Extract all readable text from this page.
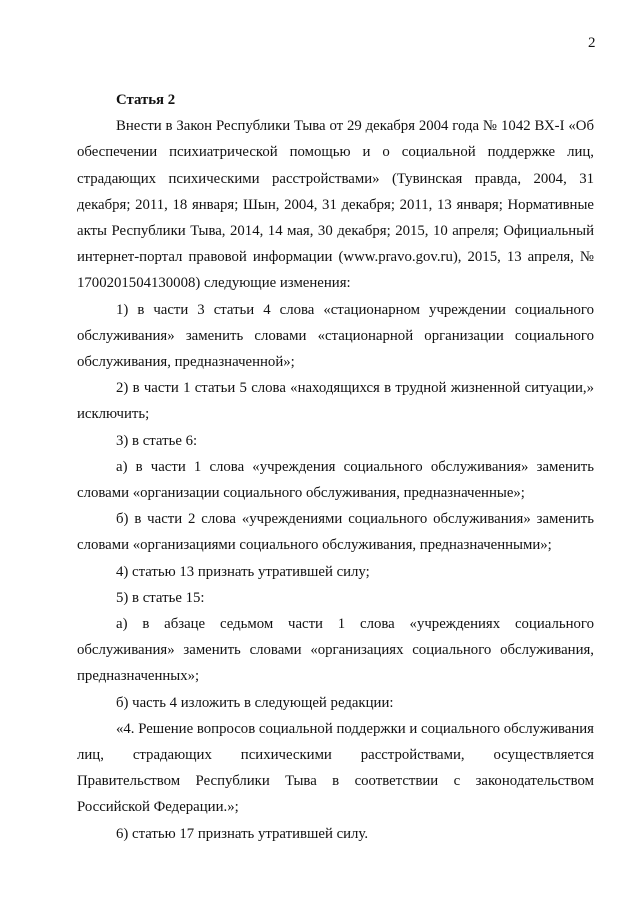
2

Статья 2

Внести в Закон Республики Тыва от 29 декабря 2004 года № 1042 ВХ-I «Об обеспечении психиатрической помощью и о социальной поддержке лиц, страдающих психическими расстройствами» (Тувинская правда, 2004, 31 декабря; 2011, 18 января; Шын, 2004, 31 декабря; 2011, 13 января; Нормативные акты Республики Тыва, 2014, 14 мая, 30 декабря; 2015, 10 апреля; Официальный интернет-портал правовой информации (www.pravo.gov.ru), 2015, 13 апреля, № 1700201504130008) следующие изменения:

1) в части 3 статьи 4 слова «стационарном учреждении социального обслуживания» заменить словами «стационарной организации социального обслуживания, предназначенной»;

2) в части 1 статьи 5 слова «находящихся в трудной жизненной ситуации,» исключить;

3) в статье 6:

а) в части 1 слова «учреждения социального обслуживания» заменить словами «организации социального обслуживания, предназначенные»;

б) в части 2 слова «учреждениями социального обслуживания» заменить словами «организациями социального обслуживания, предназначенными»;

4) статью 13 признать утратившей силу;

5) в статье 15:

а) в абзаце седьмом части 1 слова «учреждениях социального обслуживания» заменить словами «организациях социального обслуживания, предназначенных»;

б) часть 4 изложить в следующей редакции:

«4. Решение вопросов социальной поддержки и социального обслуживания лиц, страдающих психическими расстройствами, осуществляется Правительством Республики Тыва в соответствии с законодательством Российской Федерации.»;

6) статью 17 признать утратившей силу.
